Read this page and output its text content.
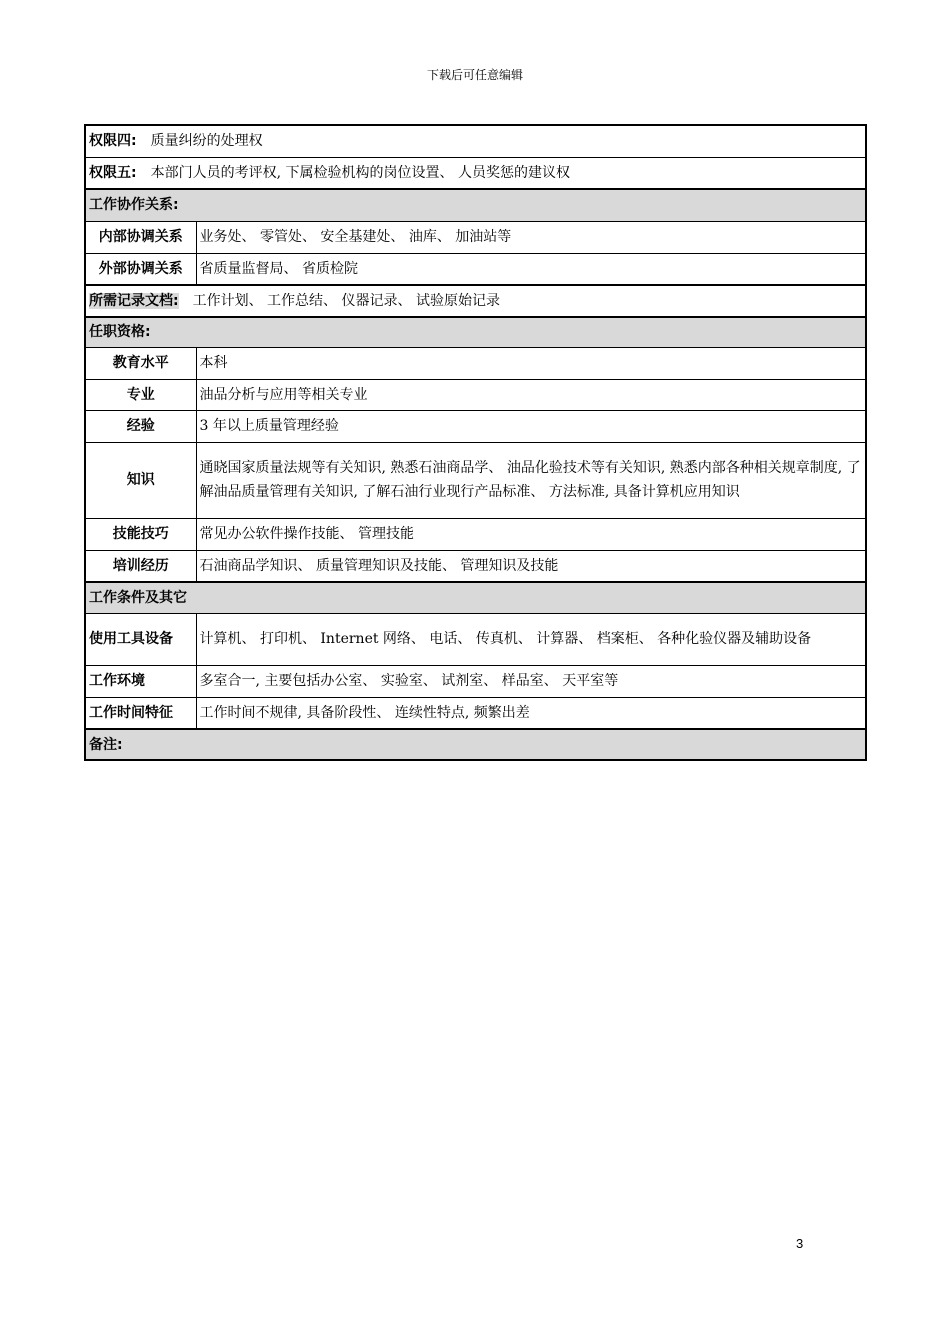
下载后可任意编辑
权限四: 质量纠纷的处理权	
权限五: 本部门人员的考评权, 下属检验机构的岗位设置、 人员奖惩的建议权	
工作协作关系:	
内部协调关系	业务处、 零管处、 安全基建处、 油库、 加油站等
外部协调关系	省质量监督局、 省质检院
所需记录文档: 工作计划、 工作总结、 仪器记录、 试验原始记录	
任职资格:	
教育水平	本科
专业	油品分析与应用等相关专业
经验	3 年以上质量管理经验
知识	通晓国家质量法规等有关知识, 熟悉石油商品学、 油品化验技术等有关知识, 熟悉内部各种相关规章制度, 了解油品质量管理有关知识, 了解石油行业现行产品标准、 方法标准, 具备计算机应用知识
技能技巧	常见办公软件操作技能、 管理技能
培训经历	石油商品学知识、 质量管理知识及技能、 管理知识及技能
工作条件及其它	
使用工具设备	计算机、 打印机、 Internet 网络、 电话、 传真机、 计算器、 档案柜、 各种化验仪器及辅助设备
工作环境	多室合一, 主要包括办公室、 实验室、 试剂室、 样品室、 天平室等
工作时间特征	工作时间不规律, 具备阶段性、 连续性特点, 频繁出差
备注:	
3
